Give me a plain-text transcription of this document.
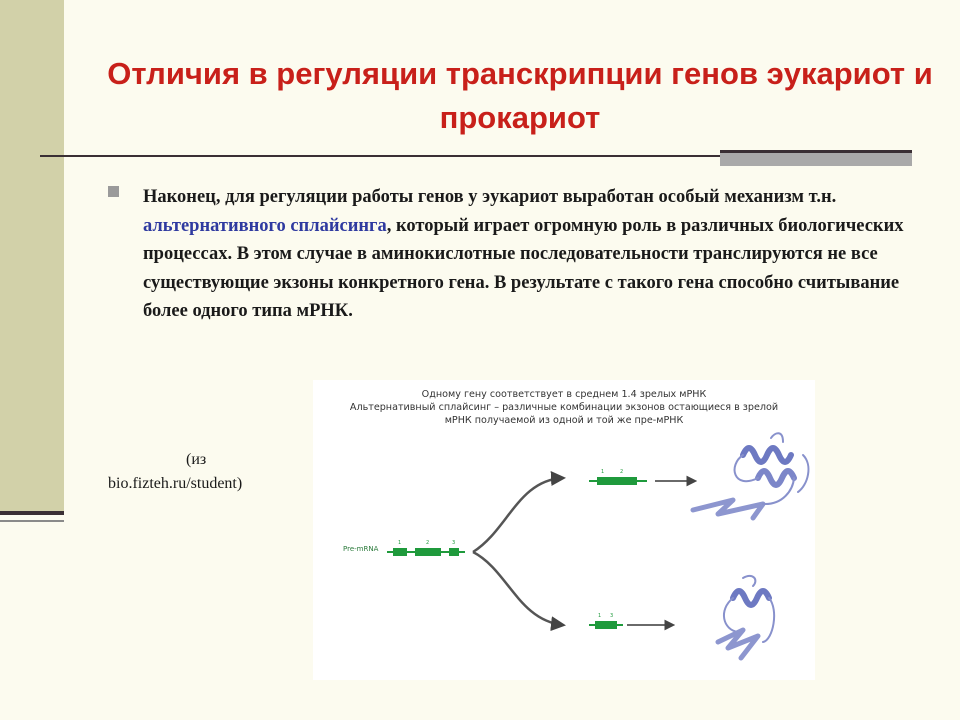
Отличия в регуляции транскрипции генов эукариот и прокариот
Наконец, для регуляции работы генов у эукариот выработан особый механизм т.н. альтернативного сплайсинга, который играет огромную роль в различных биологических процессах. В этом случае в аминокислотные последовательности транслируются не все существующие экзоны конкретного гена. В результате с такого гена способно считывание более одного типа мРНК.
(из
bio.fizteh.ru/student)
Одному гену соответствует в среднем 1.4 зрелых мРНК
Альтернативный сплайсинг – различные комбинации экзонов остающиеся в зрелой
мРНК получаемой из одной и той же пре-мРНК
Pre-mRNA
1	2	3
1	2
1 3
